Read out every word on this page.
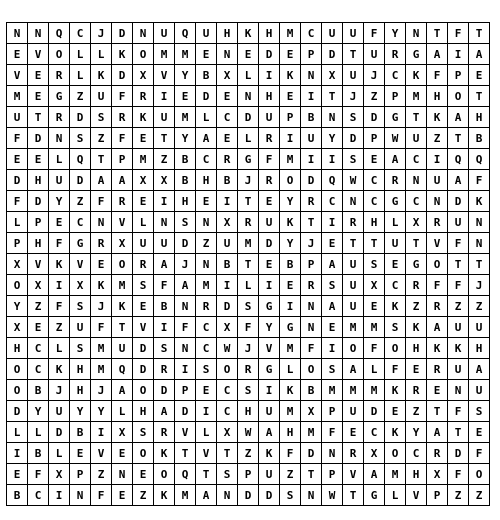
N	N	Q	C	J	D	N	U	Q	U	H	K	H	M	C	U	U	F	Y	N	T	F	T
E	V	O	L	L	K	O	M	M	E	N	E	D	E	P	D	T	U	R	G	A	I	A
V	E	R	L	K	D	X	V	Y	B	X	L	I	K	N	X	U	J	C	K	F	P	E
M	E	G	Z	U	F	R	I	E	D	E	N	H	E	I	T	J	Z	P	M	H	O	T
U	T	R	D	S	R	K	U	M	L	C	D	U	P	B	N	S	D	G	T	K	A	H
F	D	N	S	Z	F	E	T	Y	A	E	L	R	I	U	Y	D	P	W	U	Z	T	B
E	E	L	Q	T	P	M	Z	B	C	R	G	F	M	I	I	S	E	A	C	I	Q	Q
D	H	U	D	A	A	X	X	B	H	B	J	R	O	D	Q	W	C	R	N	U	A	F
F	D	Y	Z	F	R	E	I	H	E	I	T	E	Y	R	C	N	C	G	C	N	D	K
L	P	E	C	N	V	L	N	S	N	X	R	U	K	T	I	R	H	L	X	R	U	N
P	H	F	G	R	X	U	U	D	Z	U	M	D	Y	J	E	T	T	U	T	V	F	N
X	V	K	V	E	O	R	A	J	N	B	T	E	B	P	A	U	S	E	G	O	T	T
O	X	I	X	K	M	S	F	A	M	I	L	I	E	R	S	U	X	C	R	F	F	J
Y	Z	F	S	J	K	E	B	N	R	D	S	G	I	N	A	U	E	K	Z	R	Z	Z
X	E	Z	U	F	T	V	I	F	C	X	F	Y	G	N	E	M	M	S	K	A	U	U
H	C	L	S	M	U	D	S	N	C	W	J	V	M	F	I	O	F	O	H	K	K	H
O	C	K	H	M	Q	D	R	I	S	O	R	G	L	O	S	A	L	F	E	R	U	A
O	B	J	H	J	A	O	D	P	E	C	S	I	K	B	M	M	M	K	R	E	N	U
D	Y	U	Y	Y	L	H	A	D	I	C	H	U	M	X	P	U	D	E	Z	T	F	S
L	L	D	B	I	X	S	R	V	L	X	W	A	H	M	F	E	C	K	Y	A	T	E
I	B	L	E	V	E	O	K	T	V	T	Z	K	F	D	N	R	X	O	C	R	D	F
E	F	X	P	Z	N	E	O	Q	T	S	P	U	Z	T	P	V	A	M	H	X	F	O
B	C	I	N	F	E	Z	K	M	A	N	D	D	S	N	W	T	G	L	V	P	Z	Z
